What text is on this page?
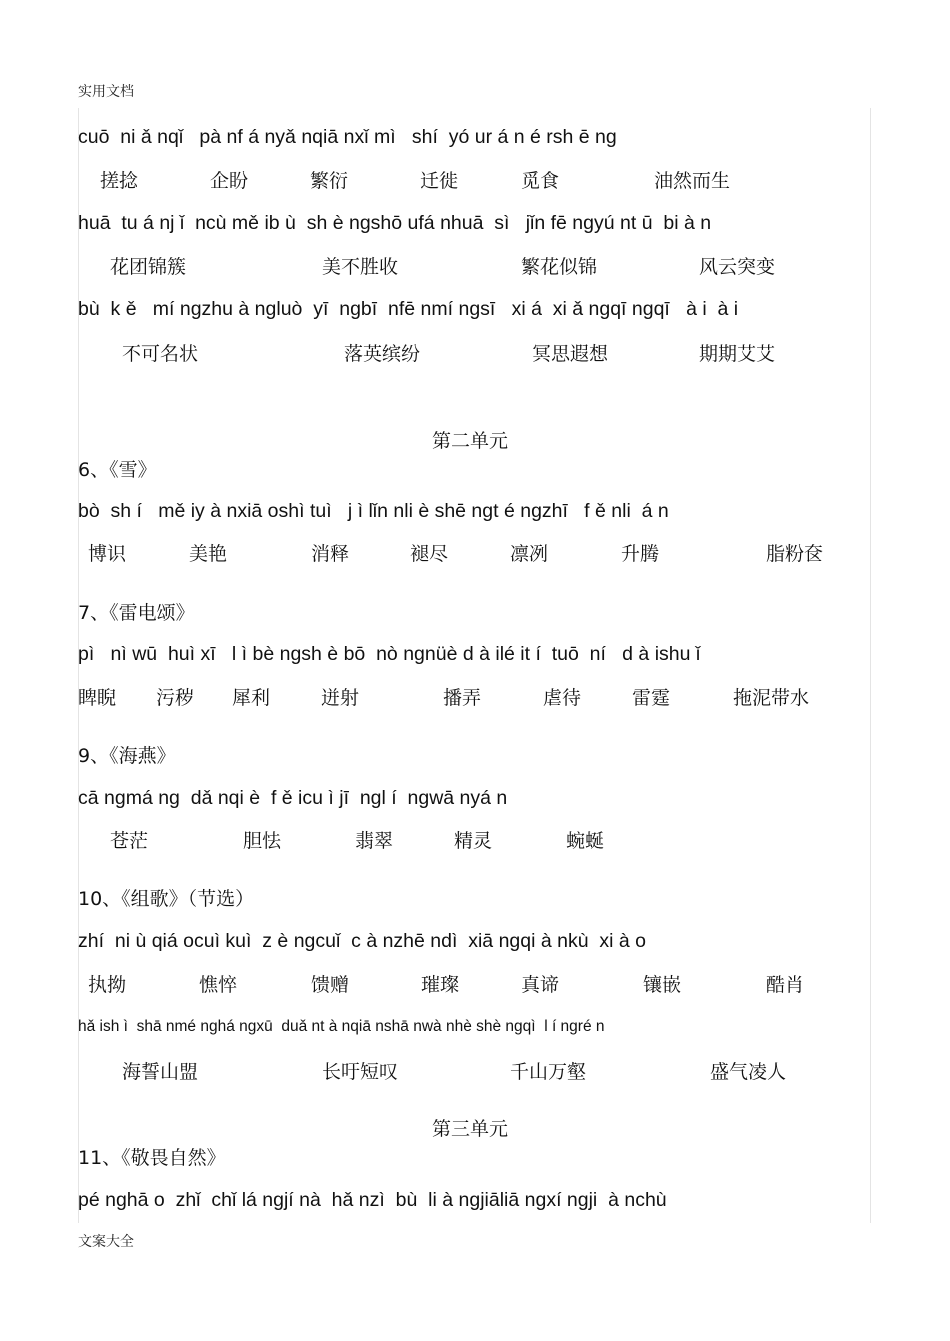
实用文档
cuō  ni ǎ nqǐ   pà nf á nyǎ nqiā nxǐ mì   shí  yó ur á n é rsh ē ng
搓捻	企盼	繁衍	迁徙	觅食	油然而生
huā  tu á nj ǐ  ncù mě ib ù  sh è ngshō ufá nhuā  sì   jǐn fē ngyú nt ū  bi à n
花团锦簇	美不胜收	繁花似锦	风云突变
bù  k ě   mí ngzhu à ngluò  yī  ngbī  nfē nmí ngsī   xi á  xi ǎ ngqī ngqī   à i  à i
不可名状	落英缤纷	冥思遐想	期期艾艾
第二单元
6、《雪》
bò  sh í   mě iy à nxiā oshì tuì   j ì lǐn nli è shē ngt é ngzhī   f ě nli  á n
博识	美艳	消释	褪尽	凛冽	升腾	脂粉奁
7、《雷电颂》
pì   nì wū  huì xī   l ì bè ngsh è bō  nò ngnüè d à ilé it í  tuō  ní   d à ishu ǐ
睥睨 污秽 犀利	迸射	播弄	虐待	雷霆	拖泥带水
9、《海燕》
cā ngmá ng  dǎ nqi è  f ě icu ì jī  ngl í  ngwā nyá n
苍茫	胆怯	翡翠	精灵	蜿蜒
10、《组歌》（节选）
zhí  ni ù qiá ocuì kuì  z è ngcuǐ  c à nzhē ndì  xiā ngqi à nkù  xi à o
执拗	憔悴	馈赠	璀璨	真谛	镶嵌	酷肖
hǎ ish ì  shā nmé nghá ngxū  duǎ nt à nqiā nshā nwà nhè shè ngqì  l í ngré n
海誓山盟	长吁短叹	千山万壑	盛气凌人
第三单元
11、《敬畏自然》
pé nghā o  zhǐ  chǐ lá ngjí nà  hǎ nzì  bù  li à ngjiāliā ngxí ngji  à nchù
文案大全
